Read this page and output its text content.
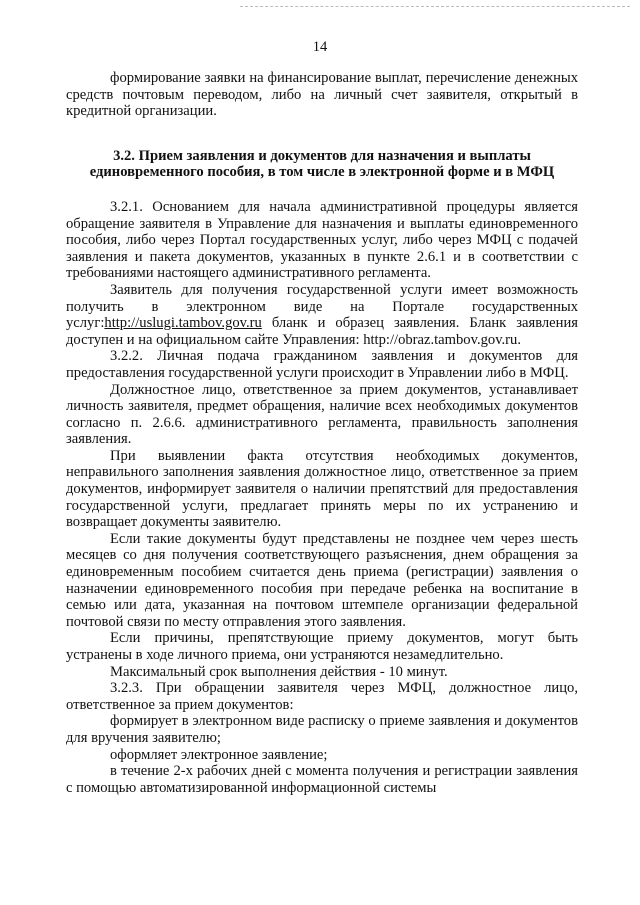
14

формирование заявки на финансирование выплат, перечисление денежных средств почтовым переводом, либо на личный счет заявителя, открытый в кредитной организации.

3.2. Прием заявления и документов для назначения и выплаты единовременного пособия, в том числе в электронной форме и в МФЦ

3.2.1. Основанием для начала административной процедуры является обращение заявителя в Управление для назначения и выплаты единовременного пособия, либо через Портал государственных услуг, либо через МФЦ с подачей заявления и пакета документов, указанных в пункте 2.6.1 и в соответствии с требованиями настоящего административного регламента.

Заявитель для получения государственной услуги имеет возможность получить в электронном виде на Портале государственных услуг:http://uslugi.tambov.gov.ru бланк и образец заявления. Бланк заявления доступен и на официальном сайте Управления: http://obraz.tambov.gov.ru.

3.2.2. Личная подача гражданином заявления и документов для предоставления государственной услуги происходит в Управлении либо в МФЦ.

Должностное лицо, ответственное за прием документов, устанавливает личность заявителя, предмет обращения, наличие всех необходимых документов согласно п. 2.6.6. административного регламента, правильность заполнения заявления.

При выявлении факта отсутствия необходимых документов, неправильного заполнения заявления должностное лицо, ответственное за прием документов, информирует заявителя о наличии препятствий для предоставления государственной услуги, предлагает принять меры по их устранению и возвращает документы заявителю.

Если такие документы будут представлены не позднее чем через шесть месяцев со дня получения соответствующего разъяснения, днем обращения за единовременным пособием считается день приема (регистрации) заявления о назначении единовременного пособия при передаче ребенка на воспитание в семью или дата, указанная на почтовом штемпеле организации федеральной почтовой связи по месту отправления этого заявления.

Если причины, препятствующие приему документов, могут быть устранены в ходе личного приема, они устраняются незамедлительно.

Максимальный срок выполнения действия - 10 минут.

3.2.3. При обращении заявителя через МФЦ, должностное лицо, ответственное за прием документов:

формирует в электронном виде расписку о приеме заявления и документов для вручения заявителю;

оформляет электронное заявление;

в течение 2-х рабочих дней с момента получения и регистрации заявления с помощью автоматизированной информационной системы
